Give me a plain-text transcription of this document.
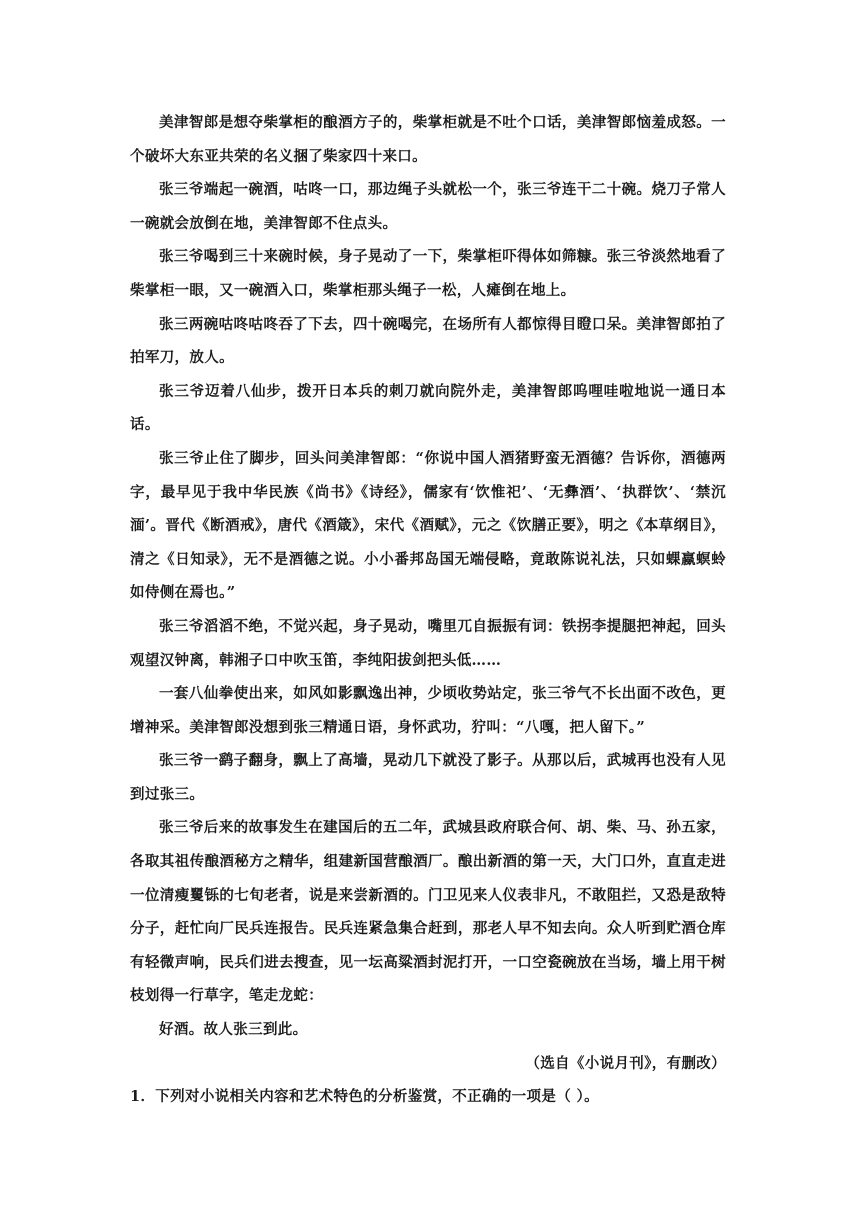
美津智郎是想夺柴掌柜的酿酒方子的，柴掌柜就是不吐个口话，美津智郎恼羞成怒。一个破坏大东亚共荣的名义捆了柴家四十来口。

张三爷端起一碗酒，咕咚一口，那边绳子头就松一个，张三爷连干二十碗。烧刀子常人一碗就会放倒在地，美津智郎不住点头。

张三爷喝到三十来碗时候，身子晃动了一下，柴掌柜吓得体如筛糠。张三爷淡然地看了柴掌柜一眼，又一碗酒入口，柴掌柜那头绳子一松，人瘫倒在地上。

张三两碗咕咚咕咚吞了下去，四十碗喝完，在场所有人都惊得目瞪口呆。美津智郎拍了拍军刀，放人。

张三爷迈着八仙步，拨开日本兵的刺刀就向院外走，美津智郎呜哩哇啦地说一通日本话。

张三爷止住了脚步，回头问美津智郎：“你说中国人酒猪野蛮无酒德？告诉你，酒德两字，最早见于我中华民族《尚书》《诗经》，儒家有‘饮惟祀’、‘无彝酒’、‘执群饮’、‘禁沉湎’。晋代《断酒戒》，唐代《酒箴》，宋代《酒赋》，元之《饮膳正要》，明之《本草纲目》，清之《日知录》，无不是酒德之说。小小番邦岛国无端侵略，竟敢陈说礼法，只如蜾蠃螟蛉如侍侧在焉也。”

张三爷滔滔不绝，不觉兴起，身子晃动，嘴里兀自振振有词：铁拐李提腿把神起，回头观望汉钟离，韩湘子口中吹玉笛，李纯阳拔剑把头低……

一套八仙拳使出来，如风如影飘逸出神，少顷收势站定，张三爷气不长出面不改色，更增神采。美津智郎没想到张三精通日语，身怀武功，狞叫：“八嘎，把人留下。”

张三爷一鹞子翻身，飘上了高墙，晃动几下就没了影子。从那以后，武城再也没有人见到过张三。

张三爷后来的故事发生在建国后的五二年，武城县政府联合何、胡、柴、马、孙五家，各取其祖传酿酒秘方之精华，组建新国营酿酒厂。酿出新酒的第一天，大门口外，直直走进一位清瘦矍铄的七旬老者，说是来尝新酒的。门卫见来人仪表非凡，不敢阻拦，又恐是敌特分子，赶忙向厂民兵连报告。民兵连紧急集合赶到，那老人早不知去向。众人听到贮酒仓库有轻微声响，民兵们进去搜查，见一坛高粱酒封泥打开，一口空瓷碗放在当场，墙上用干树枝划得一行草字，笔走龙蛇：

好酒。故人张三到此。

（选自《小说月刊》，有删改）

1．下列对小说相关内容和艺术特色的分析鉴赏，不正确的一项是（ ）。
